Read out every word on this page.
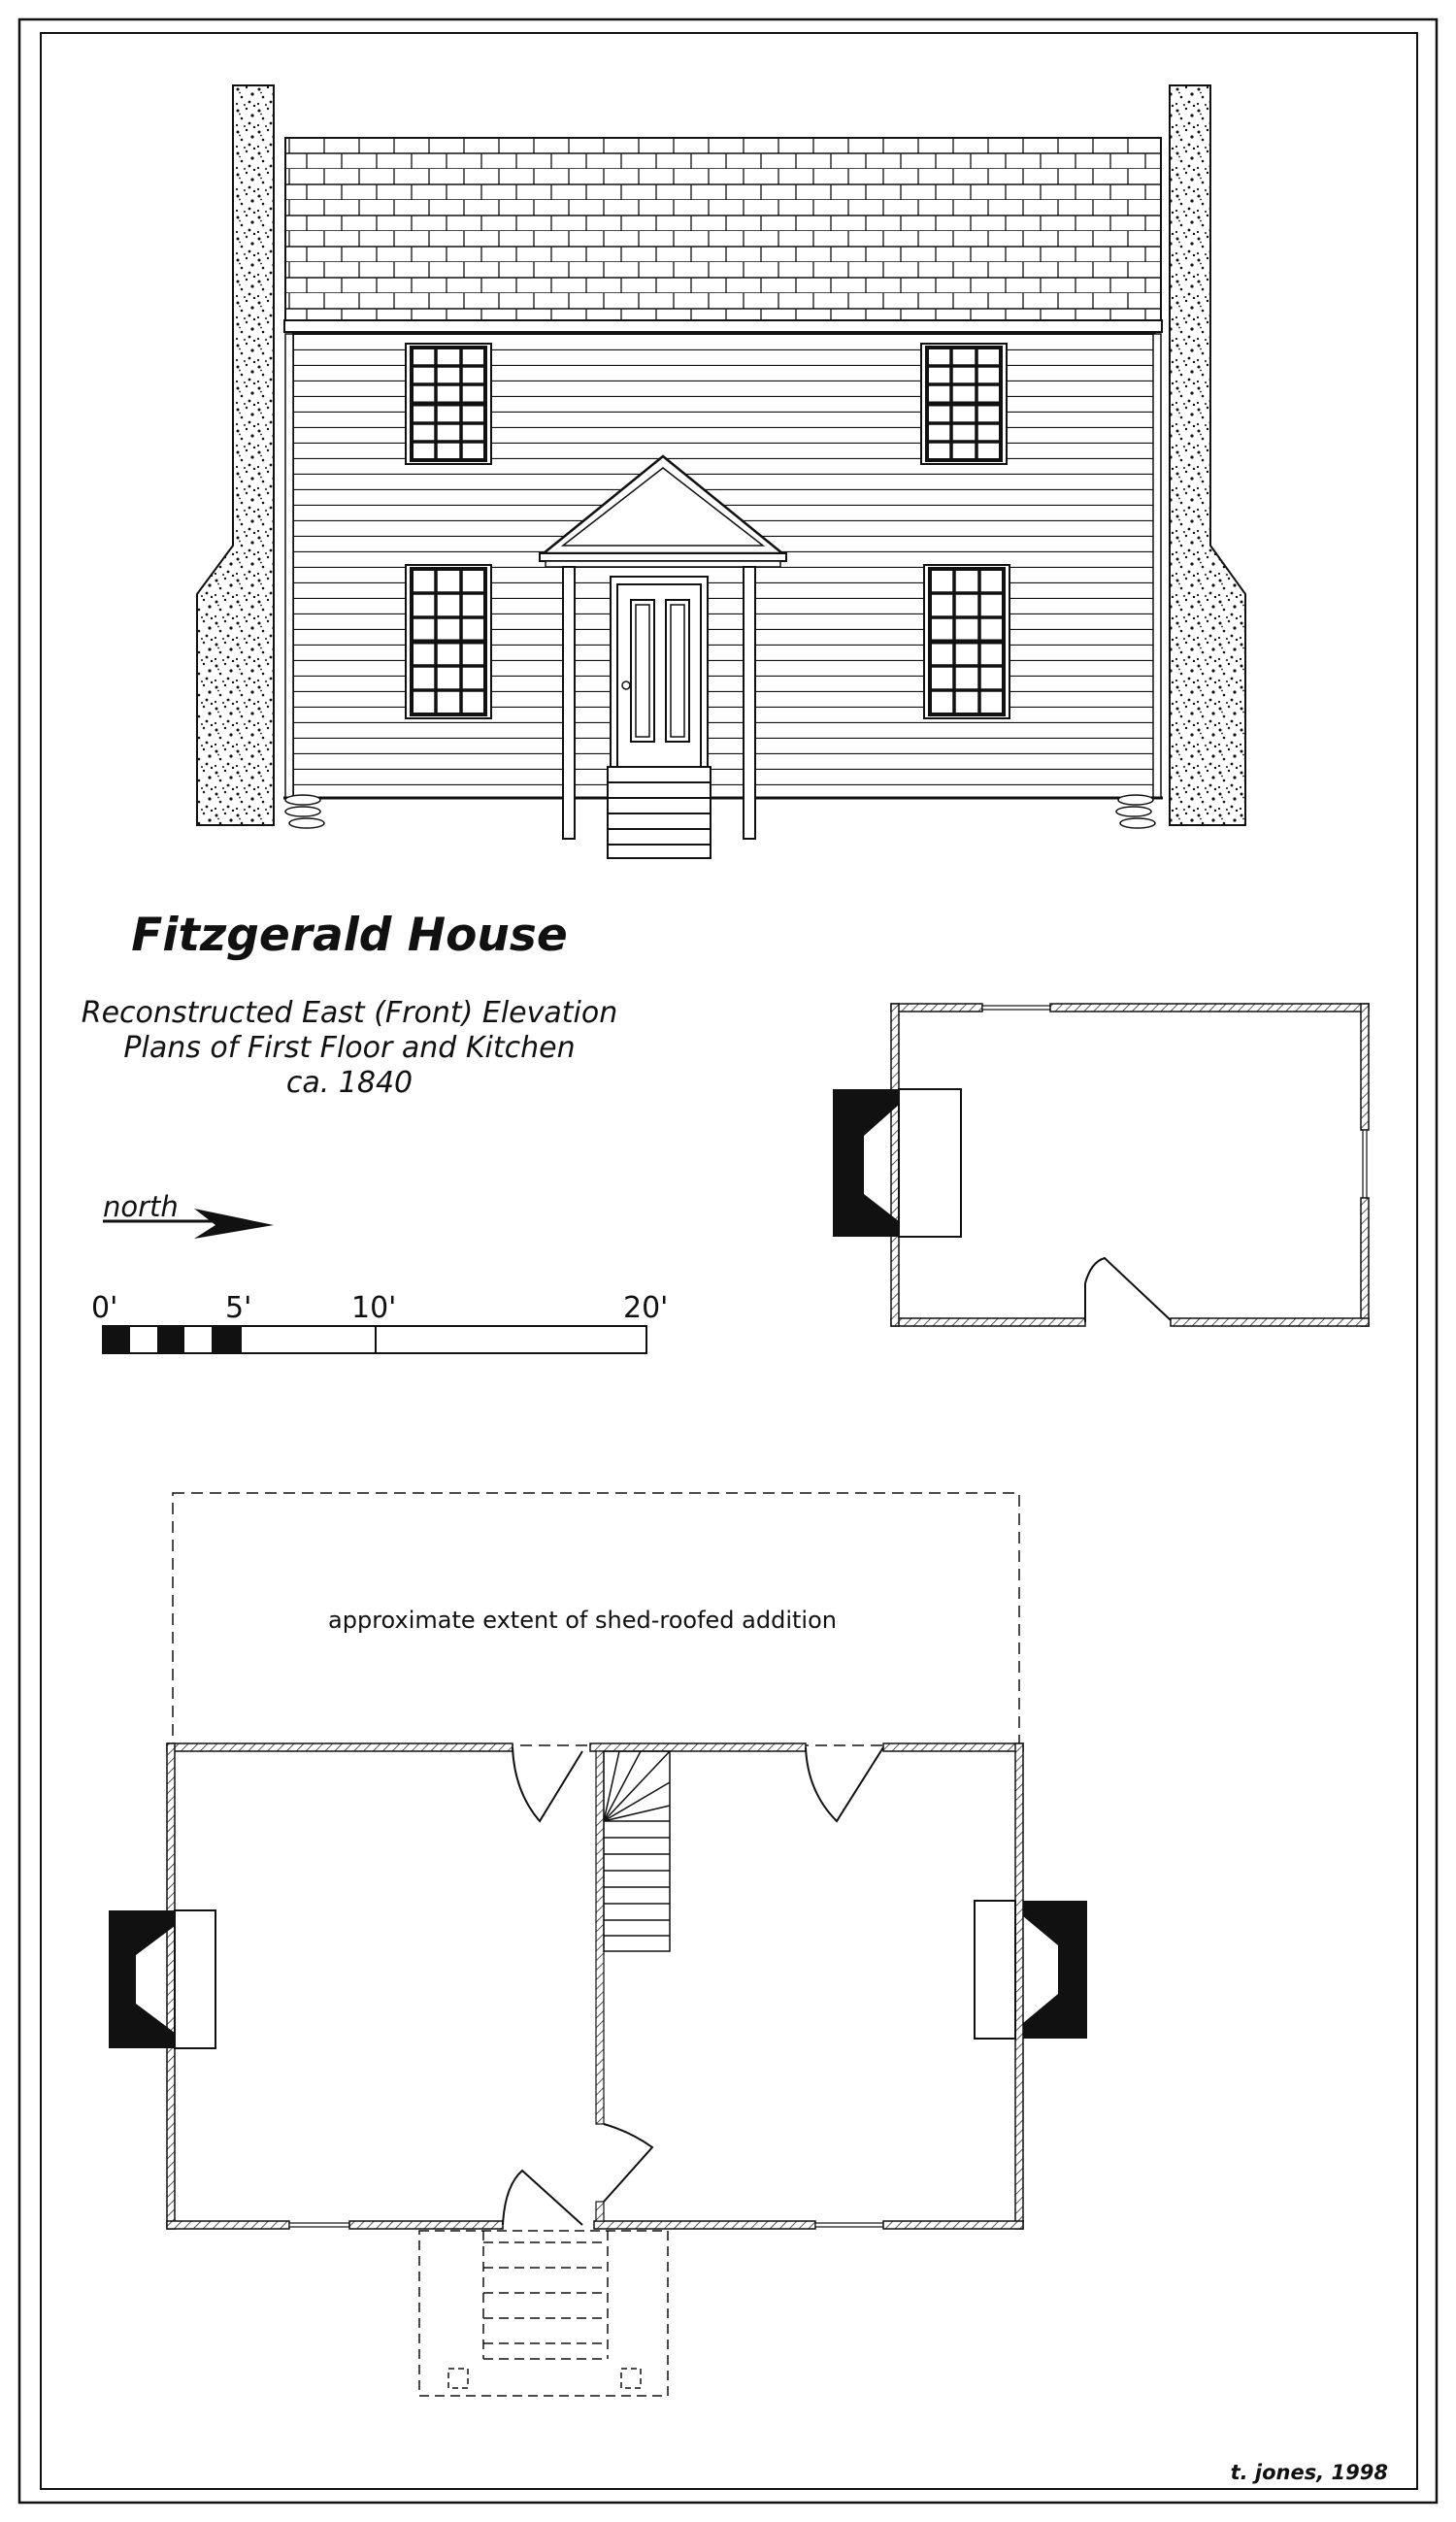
Fitzgerald House
Reconstructed East (Front) Elevation
Plans of First Floor and Kitchen
ca. 1840
north
0'	5'	10'	20'
approximate extent of shed-roofed addition
t. jones, 1998
